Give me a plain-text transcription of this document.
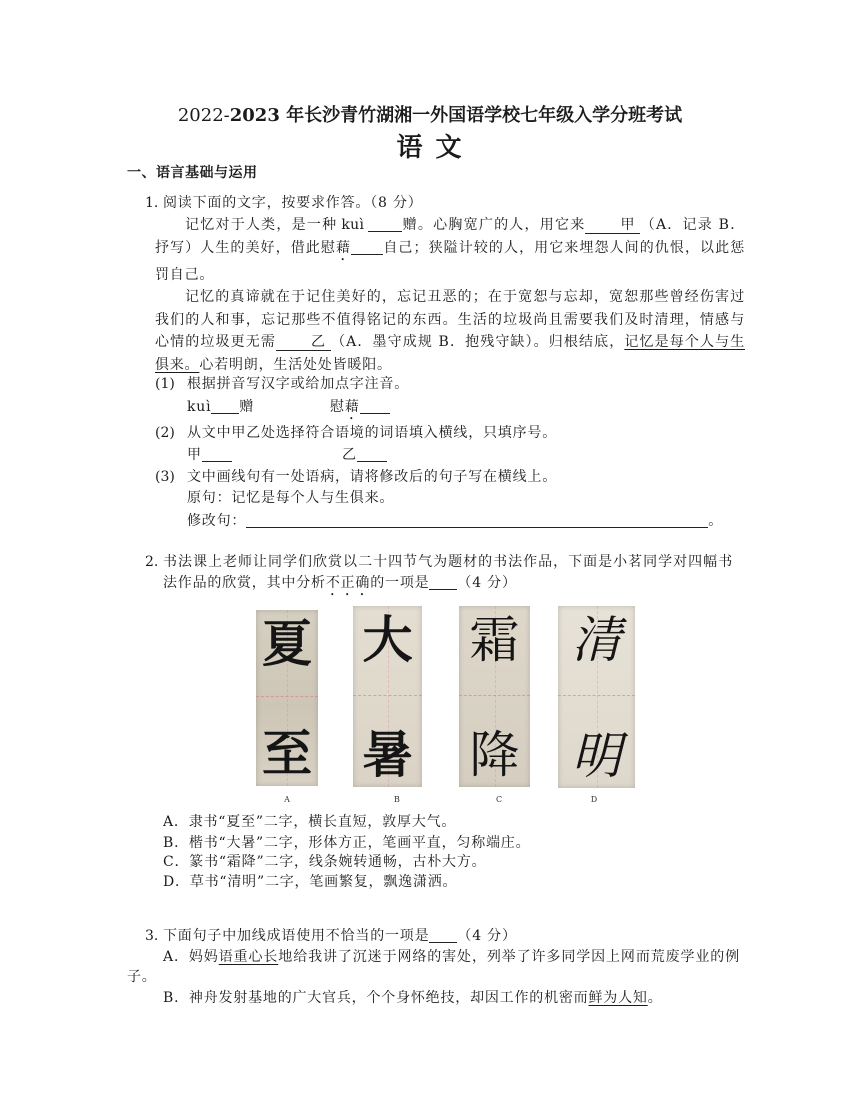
2022-2023 年长沙青竹湖湘一外国语学校七年级入学分班考试
语 文
一、语言基础与运用
1. 阅读下面的文字，按要求作答。（8 分）

记忆对于人类，是一种 kuì	赠。心胸宽广的人，用它来	甲 （A．记录 B．抒写）人生的美好，借此慰藉 自己；狭隘计较的人，用它来埋怨人间的仇恨，以此惩罚自己。

记忆的真谛就在于记住美好的，忘记丑恶的；在于宽恕与忘却，宽恕那些曾经伤害过我们的人和事，忘记那些不值得铭记的东西。生活的垃圾尚且需要我们及时清理，情感与心情的垃圾更无需	乙 （A．墨守成规 B．抱残守缺）。归根结底，记忆是每个人与生俱来。心若明朗，生活处处皆暖阳。

(1) 根据拼音写汉字或给加点字注音。
kuì 赠	慰藉
(2) 从文中甲乙处选择符合语境的词语填入横线，只填序号。
甲	乙
(3) 文中画线句有一处语病，请将修改后的句子写在横线上。
原句：记忆是每个人与生俱来。
修改句：	。
2. 书法课上老师让同学们欣赏以二十四节气为题材的书法作品，下面是小茗同学对四幅书法作品的欣赏，其中分析不正确的一项是 （4 分）
夏
至
大
暑
霜
降
清
明
A	B	C	D
A．隶书“夏至”二字，横长直短，敦厚大气。
B．楷书“大暑”二字，形体方正，笔画平直，匀称端庄。
C．篆书“霜降”二字，线条婉转通畅，古朴大方。
D．草书“清明”二字，笔画繁复，飘逸潇洒。
3. 下面句子中加线成语使用不恰当的一项是 （4 分）

A．妈妈语重心长地给我讲了沉迷于网络的害处，列举了许多同学因上网而荒废学业的例子。

B．神舟发射基地的广大官兵，个个身怀绝技，却因工作的机密而鲜为人知。
